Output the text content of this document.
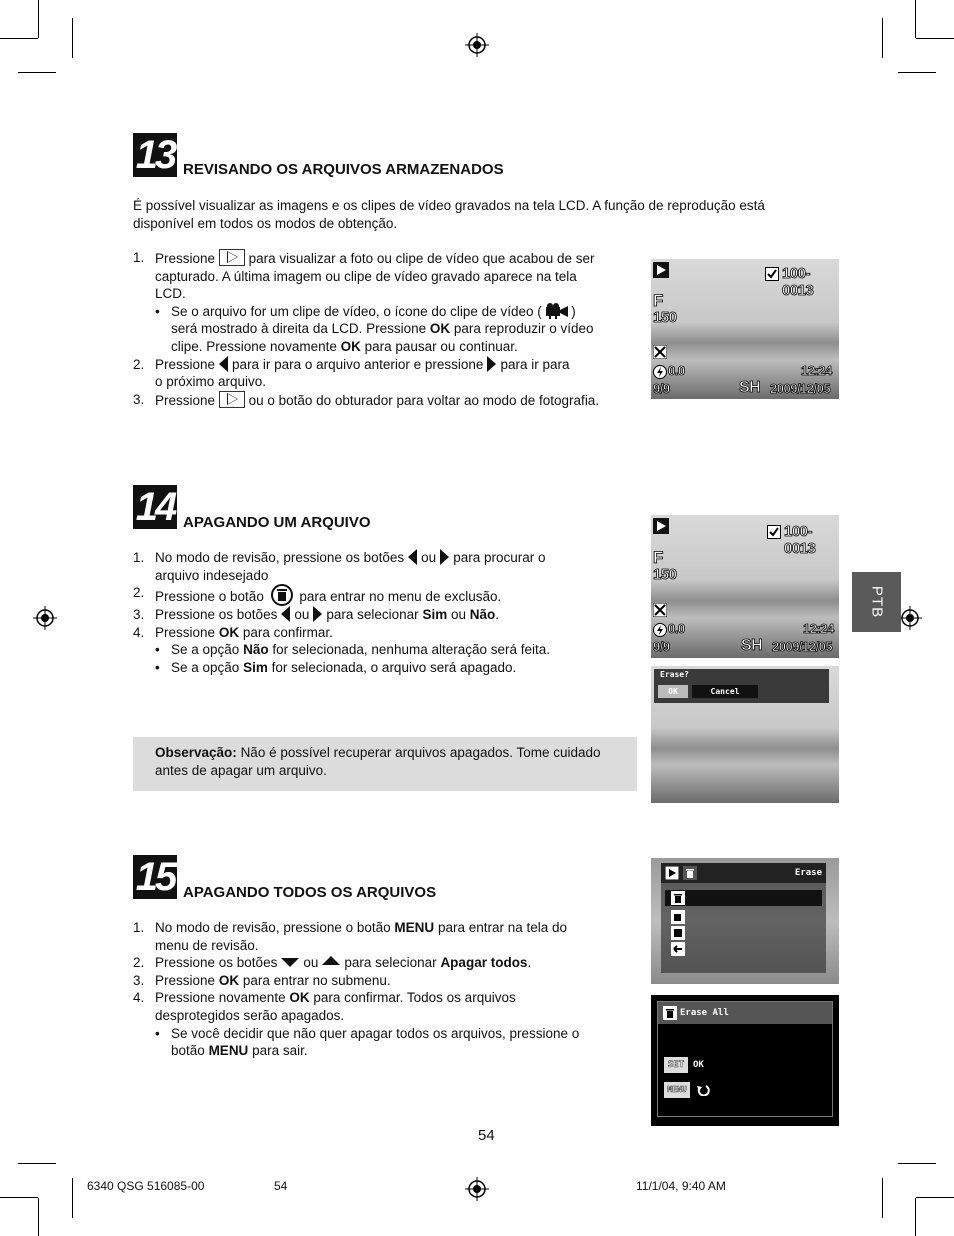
13 REVISANDO OS ARQUIVOS ARMAZENADOS
É possível visualizar as imagens e os clipes de vídeo gravados na tela LCD. A função de reprodução está
disponível em todos os modos de obtenção.
1. Pressione para visualizar a foto ou clipe de vídeo que acabou de ser
capturado. A última imagem ou clipe de vídeo gravado aparece na tela
LCD.
• Se o arquivo for um clipe de vídeo, o ícone do clipe de vídeo ( )
será mostrado à direita da LCD. Pressione OK para reproduzir o vídeo
clipe. Pressione novamente OK para pausar ou continuar.
2. Pressione para ir para o arquivo anterior e pressione para ir para
o próximo arquivo.
3. Pressione ou o botão do obturador para voltar ao modo de fotografia.
100-0013
F
150
0.0	12:24
9/9	SH 2009/12/05
14 APAGANDO UM ARQUIVO
1. No modo de revisão, pressione os botões ou para procurar o
arquivo indesejado
2. Pressione o botão	para entrar no menu de exclusão.
3. Pressione os botões ou para selecionar Sim ou Não.
4. Pressione OK para confirmar.
• Se a opção Não for selecionada, nenhuma alteração será feita.
• Se a opção Sim for selecionada, o arquivo será apagado.
Observação: Não é possível recuperar arquivos apagados. Tome cuidado
antes de apagar um arquivo.
100-0013
F
150
0.0	12:24
9/9	SH 2009/12/05
Erase?
OK	Cancel
15 APAGANDO TODOS OS ARQUIVOS
1. No modo de revisão, pressione o botão MENU para entrar na tela do
menu de revisão.
2. Pressione os botões ou para selecionar Apagar todos.
3. Pressione OK para entrar no submenu.
4. Pressione novamente OK para confirmar. Todos os arquivos
desprotegidos serão apagados.
• Se você decidir que não quer apagar todos os arquivos, pressione o
botão MENU para sair.
Erase
Erase All
SET OK
MENU
PTB
54
6340 QSG 516085-00	54	11/1/04, 9:40 AM
